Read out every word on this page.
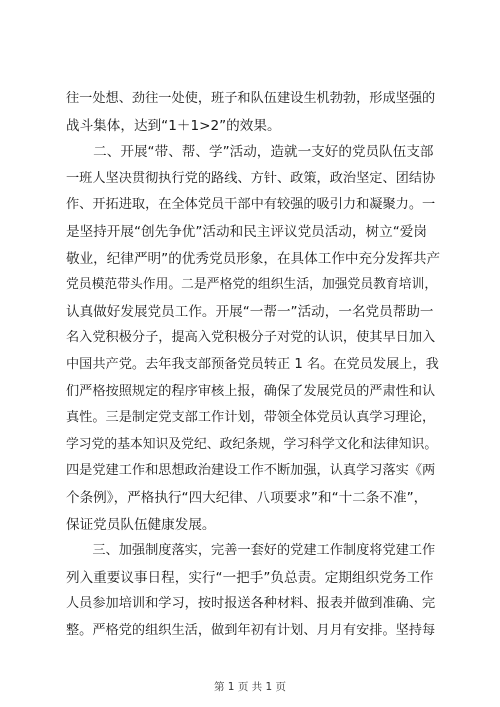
往一处想、劲往一处使，班子和队伍建设生机勃勃，形成坚强的
战斗集体，达到“1＋1>2”的效果。
　　二、开展“带、帮、学”活动，造就一支好的党员队伍支部
一班人坚决贯彻执行党的路线、方针、政策，政治坚定、团结协
作、开拓进取，在全体党员干部中有较强的吸引力和凝聚力。一
是坚持开展“创先争优”活动和民主评议党员活动，树立“爱岗
敬业，纪律严明”的优秀党员形象，在具体工作中充分发挥共产
党员模范带头作用。二是严格党的组织生活，加强党员教育培训，
认真做好发展党员工作。开展“一帮一”活动，一名党员帮助一
名入党积极分子，提高入党积极分子对党的认识，使其早日加入
中国共产党。去年我支部预备党员转正 1 名。在党员发展上，我
们严格按照规定的程序审核上报，确保了发展党员的严肃性和认
真性。三是制定党支部工作计划，带领全体党员认真学习理论，
学习党的基本知识及党纪、政纪条规，学习科学文化和法律知识。
四是党建工作和思想政治建设工作不断加强，认真学习落实《两
个条例》，严格执行“四大纪律、八项要求”和“十二条不准”，
保证党员队伍健康发展。
　　三、加强制度落实，完善一套好的党建工作制度将党建工作
列入重要议事日程，实行“一把手”负总责。定期组织党务工作
人员参加培训和学习，按时报送各种材料、报表并做到准确、完
整。严格党的组织生活，做到年初有计划、月月有安排。坚持每
第 1 页 共 1 页
